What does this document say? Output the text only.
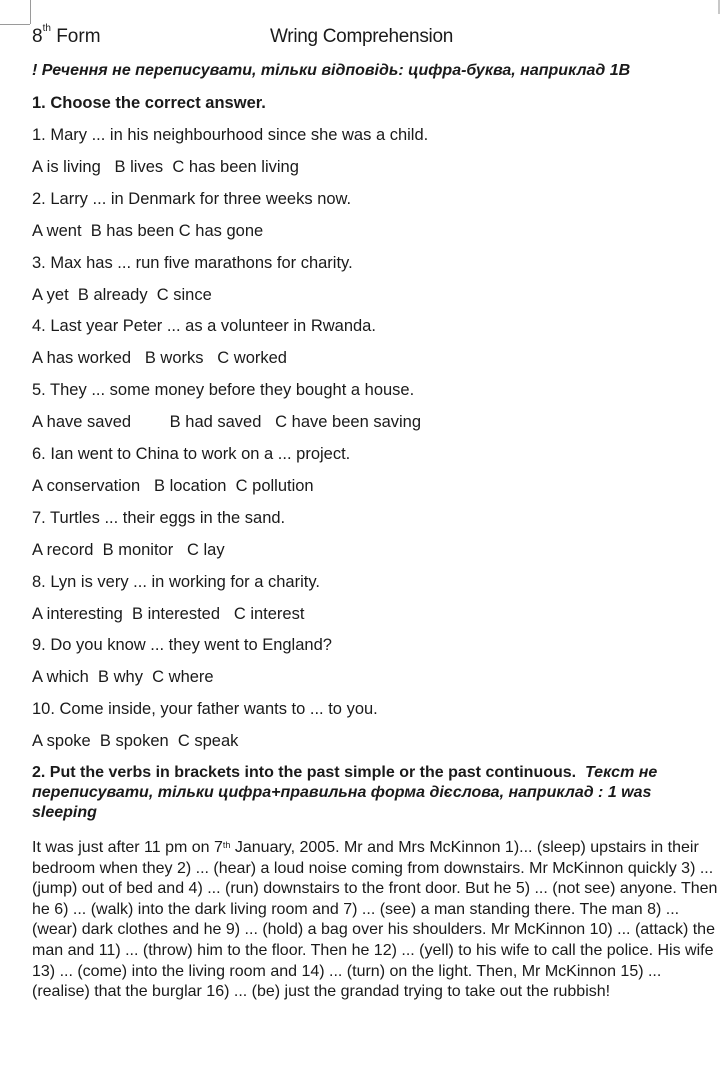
8th Form	Wring Comprehension
! Речення не переписувати, тільки відповідь: цифра-буква, наприклад 1В
1. Choose the correct answer.
1. Mary ... in his neighbourhood since she was a child.
A is living B lives C has been living
2. Larry ... in Denmark for three weeks now.
A went B has been C has gone
3. Max has ... run five marathons for charity.
A yet B already C since
4. Last year Peter ... as a volunteer in Rwanda.
A has worked B works C worked
5. They ... some money before they bought a house.
A have saved B had saved C have been saving
6. Ian went to China to work on a ... project.
A conservation B location C pollution
7. Turtles ... their eggs in the sand.
A record B monitor C lay
8. Lyn is very ... in working for a charity.
A interesting B interested C interest
9. Do you know ... they went to England?
A which B why C where
10. Come inside, your father wants to ... to you.
A spoke B spoken C speak
2. Put the verbs in brackets into the past simple or the past continuous. Текст не переписувати, тільки цифра+правильна форма дієслова, наприклад : 1 was sleeping
It was just after 11 pm on 7th January, 2005. Mr and Mrs McKinnon 1)... (sleep) upstairs in their bedroom when they 2) ... (hear) a loud noise coming from downstairs. Mr McKinnon quickly 3) ... (jump) out of bed and 4) ... (run) downstairs to the front door. But he 5) ... (not see) anyone. Then he 6) ... (walk) into the dark living room and 7) ... (see) a man standing there. The man 8) ... (wear) dark clothes and he 9) ... (hold) a bag over his shoulders. Mr McKinnon 10) ... (attack) the man and 11) ... (throw) him to the floor. Then he 12) ... (yell) to his wife to call the police. His wife 13) ... (come) into the living room and 14) ... (turn) on the light. Then, Mr McKinnon 15) ... (realise) that the burglar 16) ... (be) just the grandad trying to take out the rubbish!
